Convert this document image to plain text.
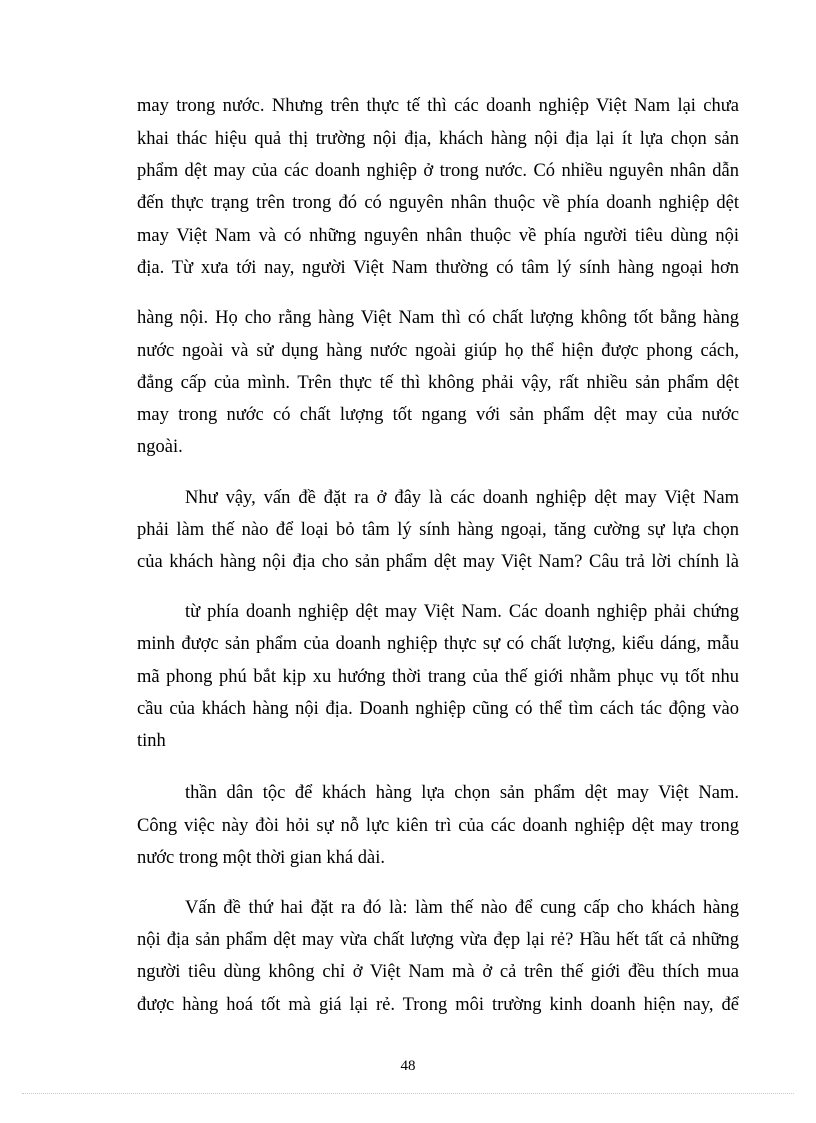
may trong nước. Nhưng trên thực tế thì các doanh nghiệp Việt Nam lại chưa
khai thác hiệu quả thị trường nội địa, khách hàng nội địa lại ít lựa chọn sản
phẩm dệt may của các doanh nghiệp ở trong nước. Có nhiều nguyên nhân dẫn
đến thực trạng trên trong đó có nguyên nhân thuộc về phía doanh nghiệp dệt
may Việt Nam và có những nguyên nhân thuộc về phía người tiêu dùng nội
địa. Từ xưa tới nay, người Việt Nam thường có tâm lý sính hàng ngoại hơn
hàng nội. Họ cho rằng hàng Việt Nam thì có chất lượng không tốt bằng hàng
nước ngoài và sử dụng hàng nước ngoài giúp họ thể hiện được phong cách,
đẳng cấp của mình. Trên thực tế thì không phải vậy, rất nhiều sản phẩm dệt
may trong nước có chất lượng tốt ngang với sản phẩm dệt may của nước
ngoài.
Như vậy, vấn đề đặt ra ở đây là các doanh nghiệp dệt may Việt Nam
phải làm thế nào để loại bỏ tâm lý sính hàng ngoại, tăng cường sự lựa chọn
của khách hàng nội địa cho sản phẩm dệt may Việt Nam? Câu trả lời chính là
từ phía doanh nghiệp dệt may Việt Nam. Các doanh nghiệp phải chứng
minh được sản phẩm của doanh nghiệp thực sự có chất lượng, kiểu dáng, mẫu
mã phong phú bắt kịp xu hướng thời trang của thế giới nhằm phục vụ tốt nhu
cầu của khách hàng nội địa. Doanh nghiệp cũng có thể tìm cách tác động vào
tinh
thần dân tộc để khách hàng lựa chọn sản phẩm dệt may Việt Nam.
Công việc này đòi hỏi sự nỗ lực kiên trì của các doanh nghiệp dệt may trong
nước trong một thời gian khá dài.
Vấn đề thứ hai đặt ra đó là: làm thế nào để cung cấp cho khách hàng
nội địa sản phẩm dệt may vừa chất lượng vừa đẹp lại rẻ? Hầu hết tất cả những
người tiêu dùng không chỉ ở Việt Nam mà ở cả trên thế giới đều thích mua
được hàng hoá tốt mà giá lại rẻ. Trong môi trường kinh doanh hiện nay, để
48
